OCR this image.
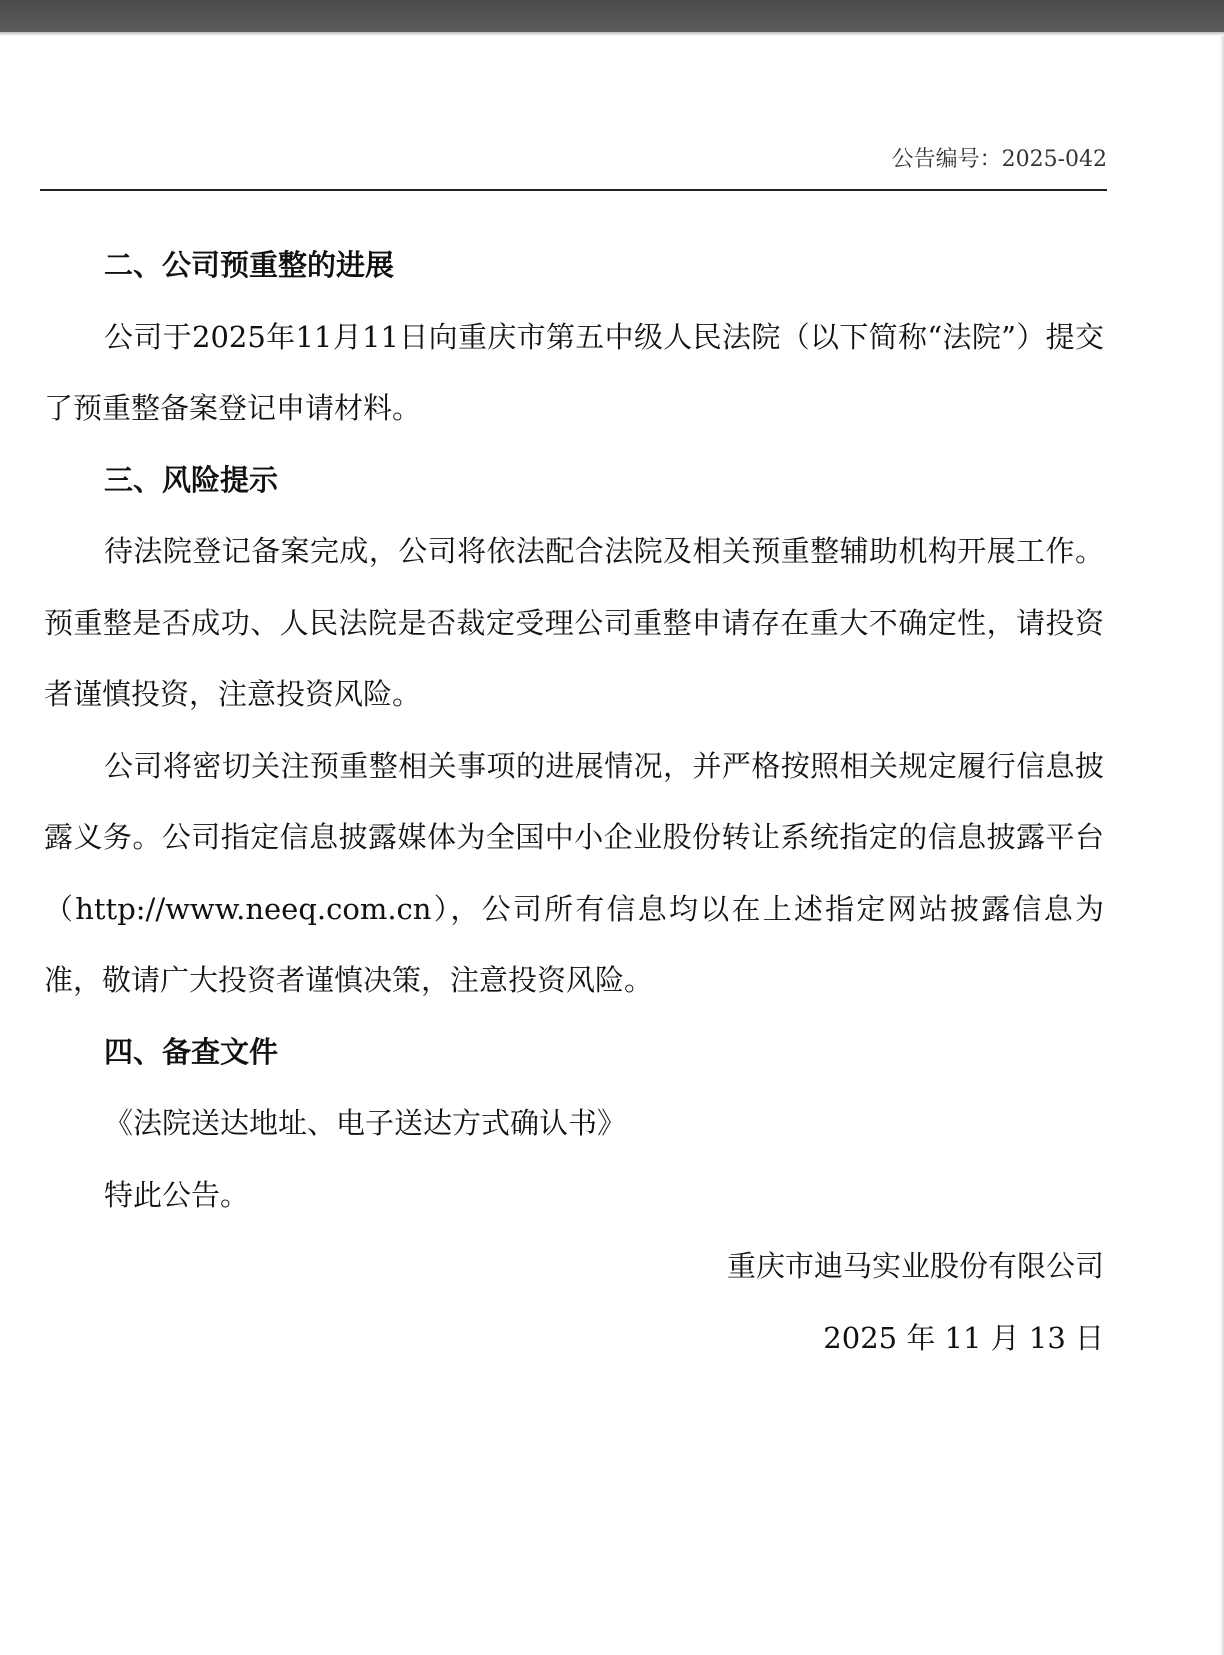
公告编号：2025-042

二、公司预重整的进展

公司于2025年11月11日向重庆市第五中级人民法院（以下简称“法院”）提交了预重整备案登记申请材料。

三、风险提示

待法院登记备案完成，公司将依法配合法院及相关预重整辅助机构开展工作。预重整是否成功、人民法院是否裁定受理公司重整申请存在重大不确定性，请投资者谨慎投资，注意投资风险。

公司将密切关注预重整相关事项的进展情况，并严格按照相关规定履行信息披露义务。公司指定信息披露媒体为全国中小企业股份转让系统指定的信息披露平台（http://www.neeq.com.cn），公司所有信息均以在上述指定网站披露信息为准，敬请广大投资者谨慎决策，注意投资风险。

四、备查文件

《法院送达地址、电子送达方式确认书》

特此公告。

重庆市迪马实业股份有限公司

2025 年 11 月 13 日
